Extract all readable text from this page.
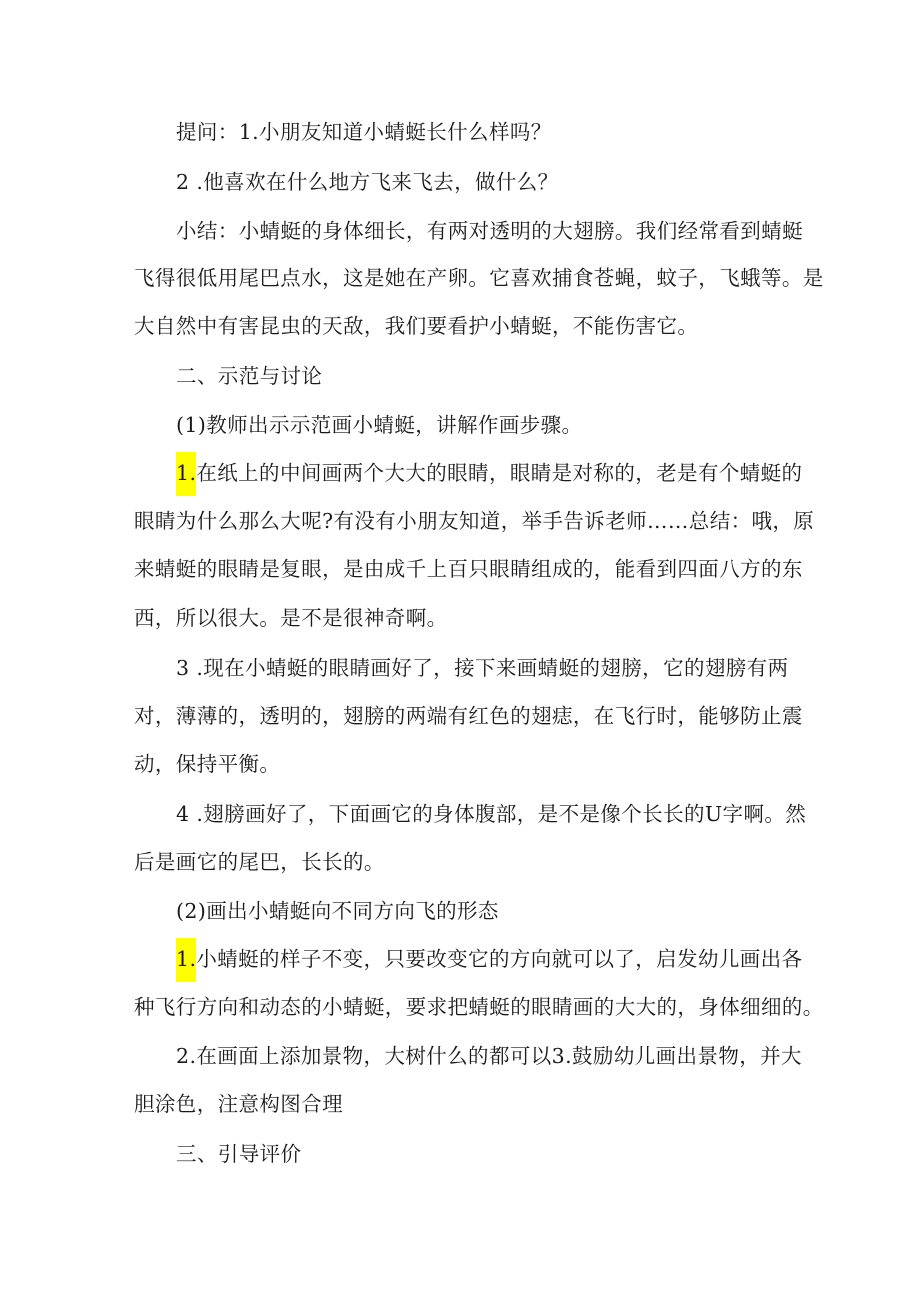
提问：1.小朋友知道小蜻蜓长什么样吗？
2 .他喜欢在什么地方飞来飞去，做什么？
小结：小蜻蜓的身体细长，有两对透明的大翅膀。我们经常看到蜻蜓
飞得很低用尾巴点水，这是她在产卵。它喜欢捕食苍蝇，蚊子，飞蛾等。是
大自然中有害昆虫的天敌，我们要看护小蜻蜓，不能伤害它。
二、示范与讨论
(1)教师出示示范画小蜻蜓，讲解作画步骤。
1.在纸上的中间画两个大大的眼睛，眼睛是对称的，老是有个蜻蜓的
眼睛为什么那么大呢?有没有小朋友知道，举手告诉老师……总结：哦，原
来蜻蜓的眼睛是复眼，是由成千上百只眼睛组成的，能看到四面八方的东
西，所以很大。是不是很神奇啊。
3 .现在小蜻蜓的眼睛画好了，接下来画蜻蜓的翅膀，它的翅膀有两
对，薄薄的，透明的，翅膀的两端有红色的翅痣，在飞行时，能够防止震
动，保持平衡。
4 .翅膀画好了，下面画它的身体腹部，是不是像个长长的U字啊。然
后是画它的尾巴，长长的。
(2)画出小蜻蜓向不同方向飞的形态
1.小蜻蜓的样子不变，只要改变它的方向就可以了，启发幼儿画出各
种飞行方向和动态的小蜻蜓，要求把蜻蜓的眼睛画的大大的，身体细细的。
2.在画面上添加景物，大树什么的都可以3.鼓励幼儿画出景物，并大
胆涂色，注意构图合理
三、引导评价
